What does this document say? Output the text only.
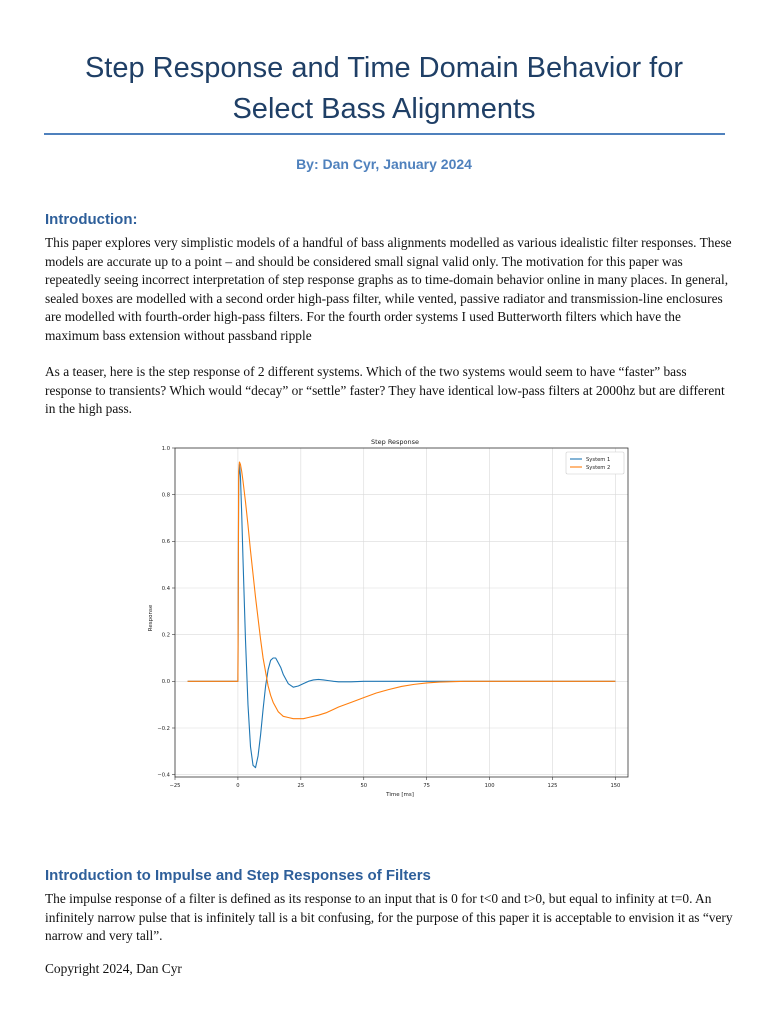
Step Response and Time Domain Behavior for
Select Bass Alignments
By: Dan Cyr, January 2024
Introduction:
This paper explores very simplistic models of a handful of bass alignments modelled as various idealistic filter responses. These models are accurate up to a point – and should be considered small signal valid only. The motivation for this paper was repeatedly seeing incorrect interpretation of step response graphs as to time-domain behavior online in many places. In general, sealed boxes are modelled with a second order high-pass filter, while vented, passive radiator and transmission-line enclosures are modelled with fourth-order high-pass filters. For the fourth order systems I used Butterworth filters which have the maximum bass extension without passband ripple
As a teaser, here is the step response of 2 different systems. Which of the two systems would seem to have “faster” bass response to transients? Which would “decay” or “settle” faster? They have identical low-pass filters at 2000hz but are different in the high pass.
−25	0	25	50	75	100	125	150
−0.4
−0.2
0.0
0.2
0.4
0.6
0.8
1.0
Step Response
Time [ms]
Response
System 1
System 2
Introduction to Impulse and Step Responses of Filters
The impulse response of a filter is defined as its response to an input that is 0 for t<0 and t>0, but equal to infinity at t=0. An infinitely narrow pulse that is infinitely tall is a bit confusing, for the purpose of this paper it is acceptable to envision it as “very narrow and very tall”.
Copyright 2024, Dan Cyr
